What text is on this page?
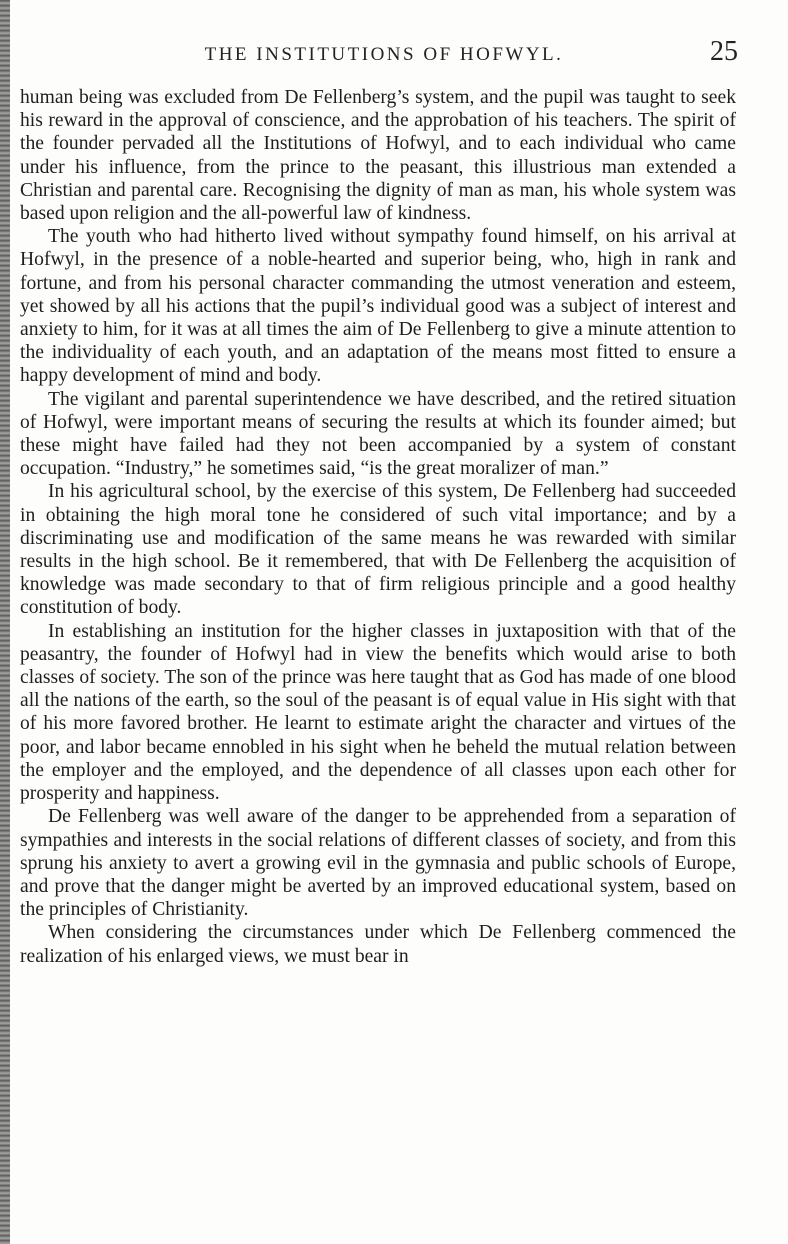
THE INSTITUTIONS OF HOFWYL.	25

human being was excluded from De Fellenberg’s system, and the pupil was taught to seek his reward in the approval of conscience, and the approbation of his teachers. The spirit of the founder pervaded all the Institutions of Hofwyl, and to each individual who came under his influence, from the prince to the peasant, this illustrious man extended a Christian and parental care. Recognising the dignity of man as man, his whole system was based upon religion and the all-powerful law of kindness.

The youth who had hitherto lived without sympathy found himself, on his arrival at Hofwyl, in the presence of a noble-hearted and superior being, who, high in rank and fortune, and from his personal character commanding the utmost veneration and esteem, yet showed by all his actions that the pupil’s individual good was a subject of interest and anxiety to him, for it was at all times the aim of De Fellenberg to give a minute attention to the individuality of each youth, and an adaptation of the means most fitted to ensure a happy development of mind and body.

The vigilant and parental superintendence we have described, and the retired situation of Hofwyl, were important means of securing the results at which its founder aimed; but these might have failed had they not been accompanied by a system of constant occupation. “Industry,” he sometimes said, “is the great moralizer of man.”

In his agricultural school, by the exercise of this system, De Fellenberg had succeeded in obtaining the high moral tone he considered of such vital importance; and by a discriminating use and modification of the same means he was rewarded with similar results in the high school. Be it remembered, that with De Fellenberg the acquisition of knowledge was made secondary to that of firm religious principle and a good healthy constitution of body.

In establishing an institution for the higher classes in juxtaposition with that of the peasantry, the founder of Hofwyl had in view the benefits which would arise to both classes of society. The son of the prince was here taught that as God has made of one blood all the nations of the earth, so the soul of the peasant is of equal value in His sight with that of his more favored brother. He learnt to estimate aright the character and virtues of the poor, and labor became ennobled in his sight when he beheld the mutual relation between the employer and the employed, and the dependence of all classes upon each other for prosperity and happiness.

De Fellenberg was well aware of the danger to be apprehended from a separation of sympathies and interests in the social relations of different classes of society, and from this sprung his anxiety to avert a growing evil in the gymnasia and public schools of Europe, and prove that the danger might be averted by an improved educational system, based on the principles of Christianity.

When considering the circumstances under which De Fellenberg commenced the realization of his enlarged views, we must bear in
